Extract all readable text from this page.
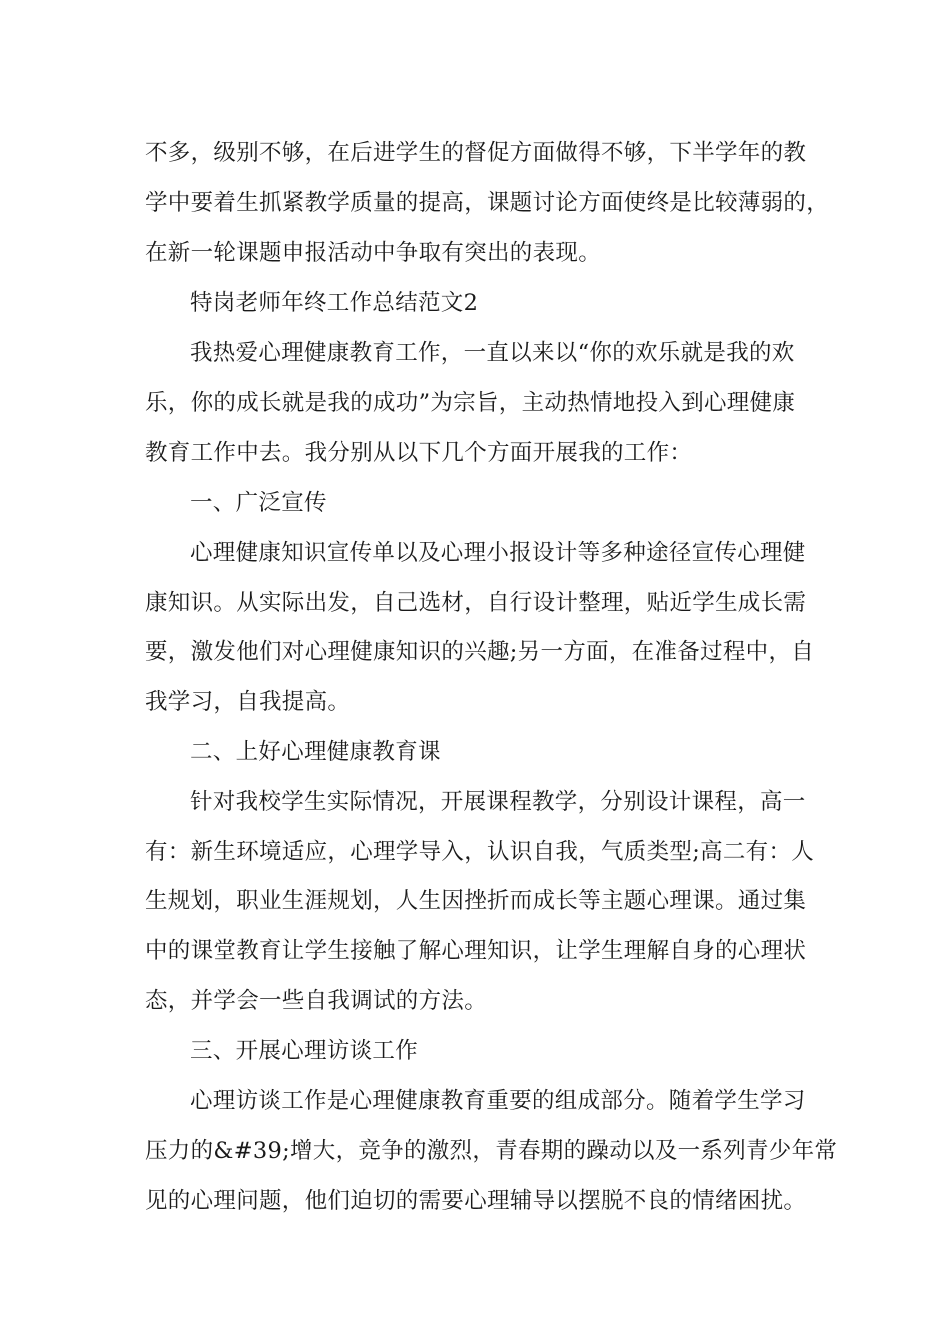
不多，级别不够，在后进学生的督促方面做得不够，下半学年的教
学中要着生抓紧教学质量的提高，课题讨论方面使终是比较薄弱的，
在新一轮课题申报活动中争取有突出的表现。
特岗老师年终工作总结范文2
我热爱心理健康教育工作，一直以来以“你的欢乐就是我的欢
乐，你的成长就是我的成功”为宗旨，主动热情地投入到心理健康
教育工作中去。我分别从以下几个方面开展我的工作：
一、广泛宣传
心理健康知识宣传单以及心理小报设计等多种途径宣传心理健
康知识。从实际出发，自己选材，自行设计整理，贴近学生成长需
要，激发他们对心理健康知识的兴趣;另一方面，在准备过程中，自
我学习，自我提高。
二、上好心理健康教育课
针对我校学生实际情况，开展课程教学，分别设计课程，高一
有：新生环境适应，心理学导入，认识自我，气质类型;高二有：人
生规划，职业生涯规划，人生因挫折而成长等主题心理课。通过集
中的课堂教育让学生接触了解心理知识，让学生理解自身的心理状
态，并学会一些自我调试的方法。
三、开展心理访谈工作
心理访谈工作是心理健康教育重要的组成部分。随着学生学习
压力的&#39;增大，竞争的激烈，青春期的躁动以及一系列青少年常
见的心理问题，他们迫切的需要心理辅导以摆脱不良的情绪困扰。
